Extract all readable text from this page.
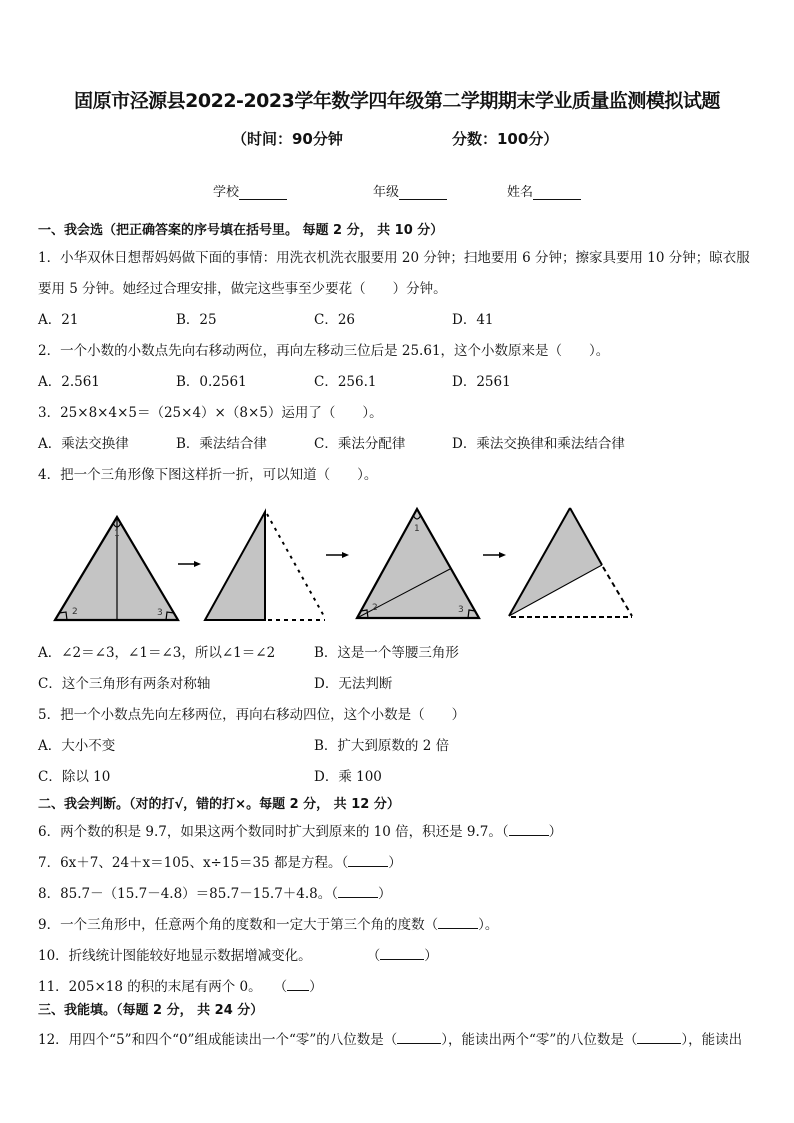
固原市泾源县2022-2023学年数学四年级第二学期期末学业质量监测模拟试题
（时间：90分钟	分数：100分）
学校	年级	姓名
一、我会选（把正确答案的序号填在括号里。 每题 2 分， 共 10 分）
1．小华双休日想帮妈妈做下面的事情：用洗衣机洗衣服要用 20 分钟；扫地要用 6 分钟；擦家具要用 10 分钟；晾衣服
要用 5 分钟。她经过合理安排，做完这些事至少要花（　　）分钟。
A．21	B．25	C．26	D．41
2．一个小数的小数点先向右移动两位，再向左移动三位后是 25.61，这个小数原来是（　　）。
A．2.561	B．0.2561	C．256.1	D．2561
3．25×8×4×5＝（25×4）×（8×5）运用了（　　）。
A．乘法交换律	B．乘法结合律	C．乘法分配律	D．乘法交换律和乘法结合律
4．把一个三角形像下图这样折一折，可以知道（　　）。
1
2	3
1
2	3
A．∠2＝∠3，∠1＝∠3，所以∠1＝∠2	B．这是一个等腰三角形
C．这个三角形有两条对称轴	D．无法判断
5．把一个小数点先向左移两位，再向右移动四位，这个小数是（　　）
A．大小不变	B．扩大到原数的 2 倍
C．除以 10	D．乘 100
二、我会判断。（对的打√，错的打×。每题 2 分， 共 12 分）
6．两个数的积是 9.7，如果这两个数同时扩大到原来的 10 倍，积还是 9.7。（	）
7．6x＋7、24＋x＝105、x÷15＝35 都是方程。（	）
8．85.7－（15.7－4.8）＝85.7－15.7＋4.8。（	）
9．一个三角形中，任意两个角的度数和一定大于第三个角的度数（	）。
10．折线统计图能较好地显示数据增减变化。	（	）
11．205×18 的积的末尾有两个 0。 （ ）
三、我能填。（每题 2 分， 共 24 分）
12．用四个“5”和四个“0”组成能读出一个“零”的八位数是（	），能读出两个“零”的八位数是（	），能读出
